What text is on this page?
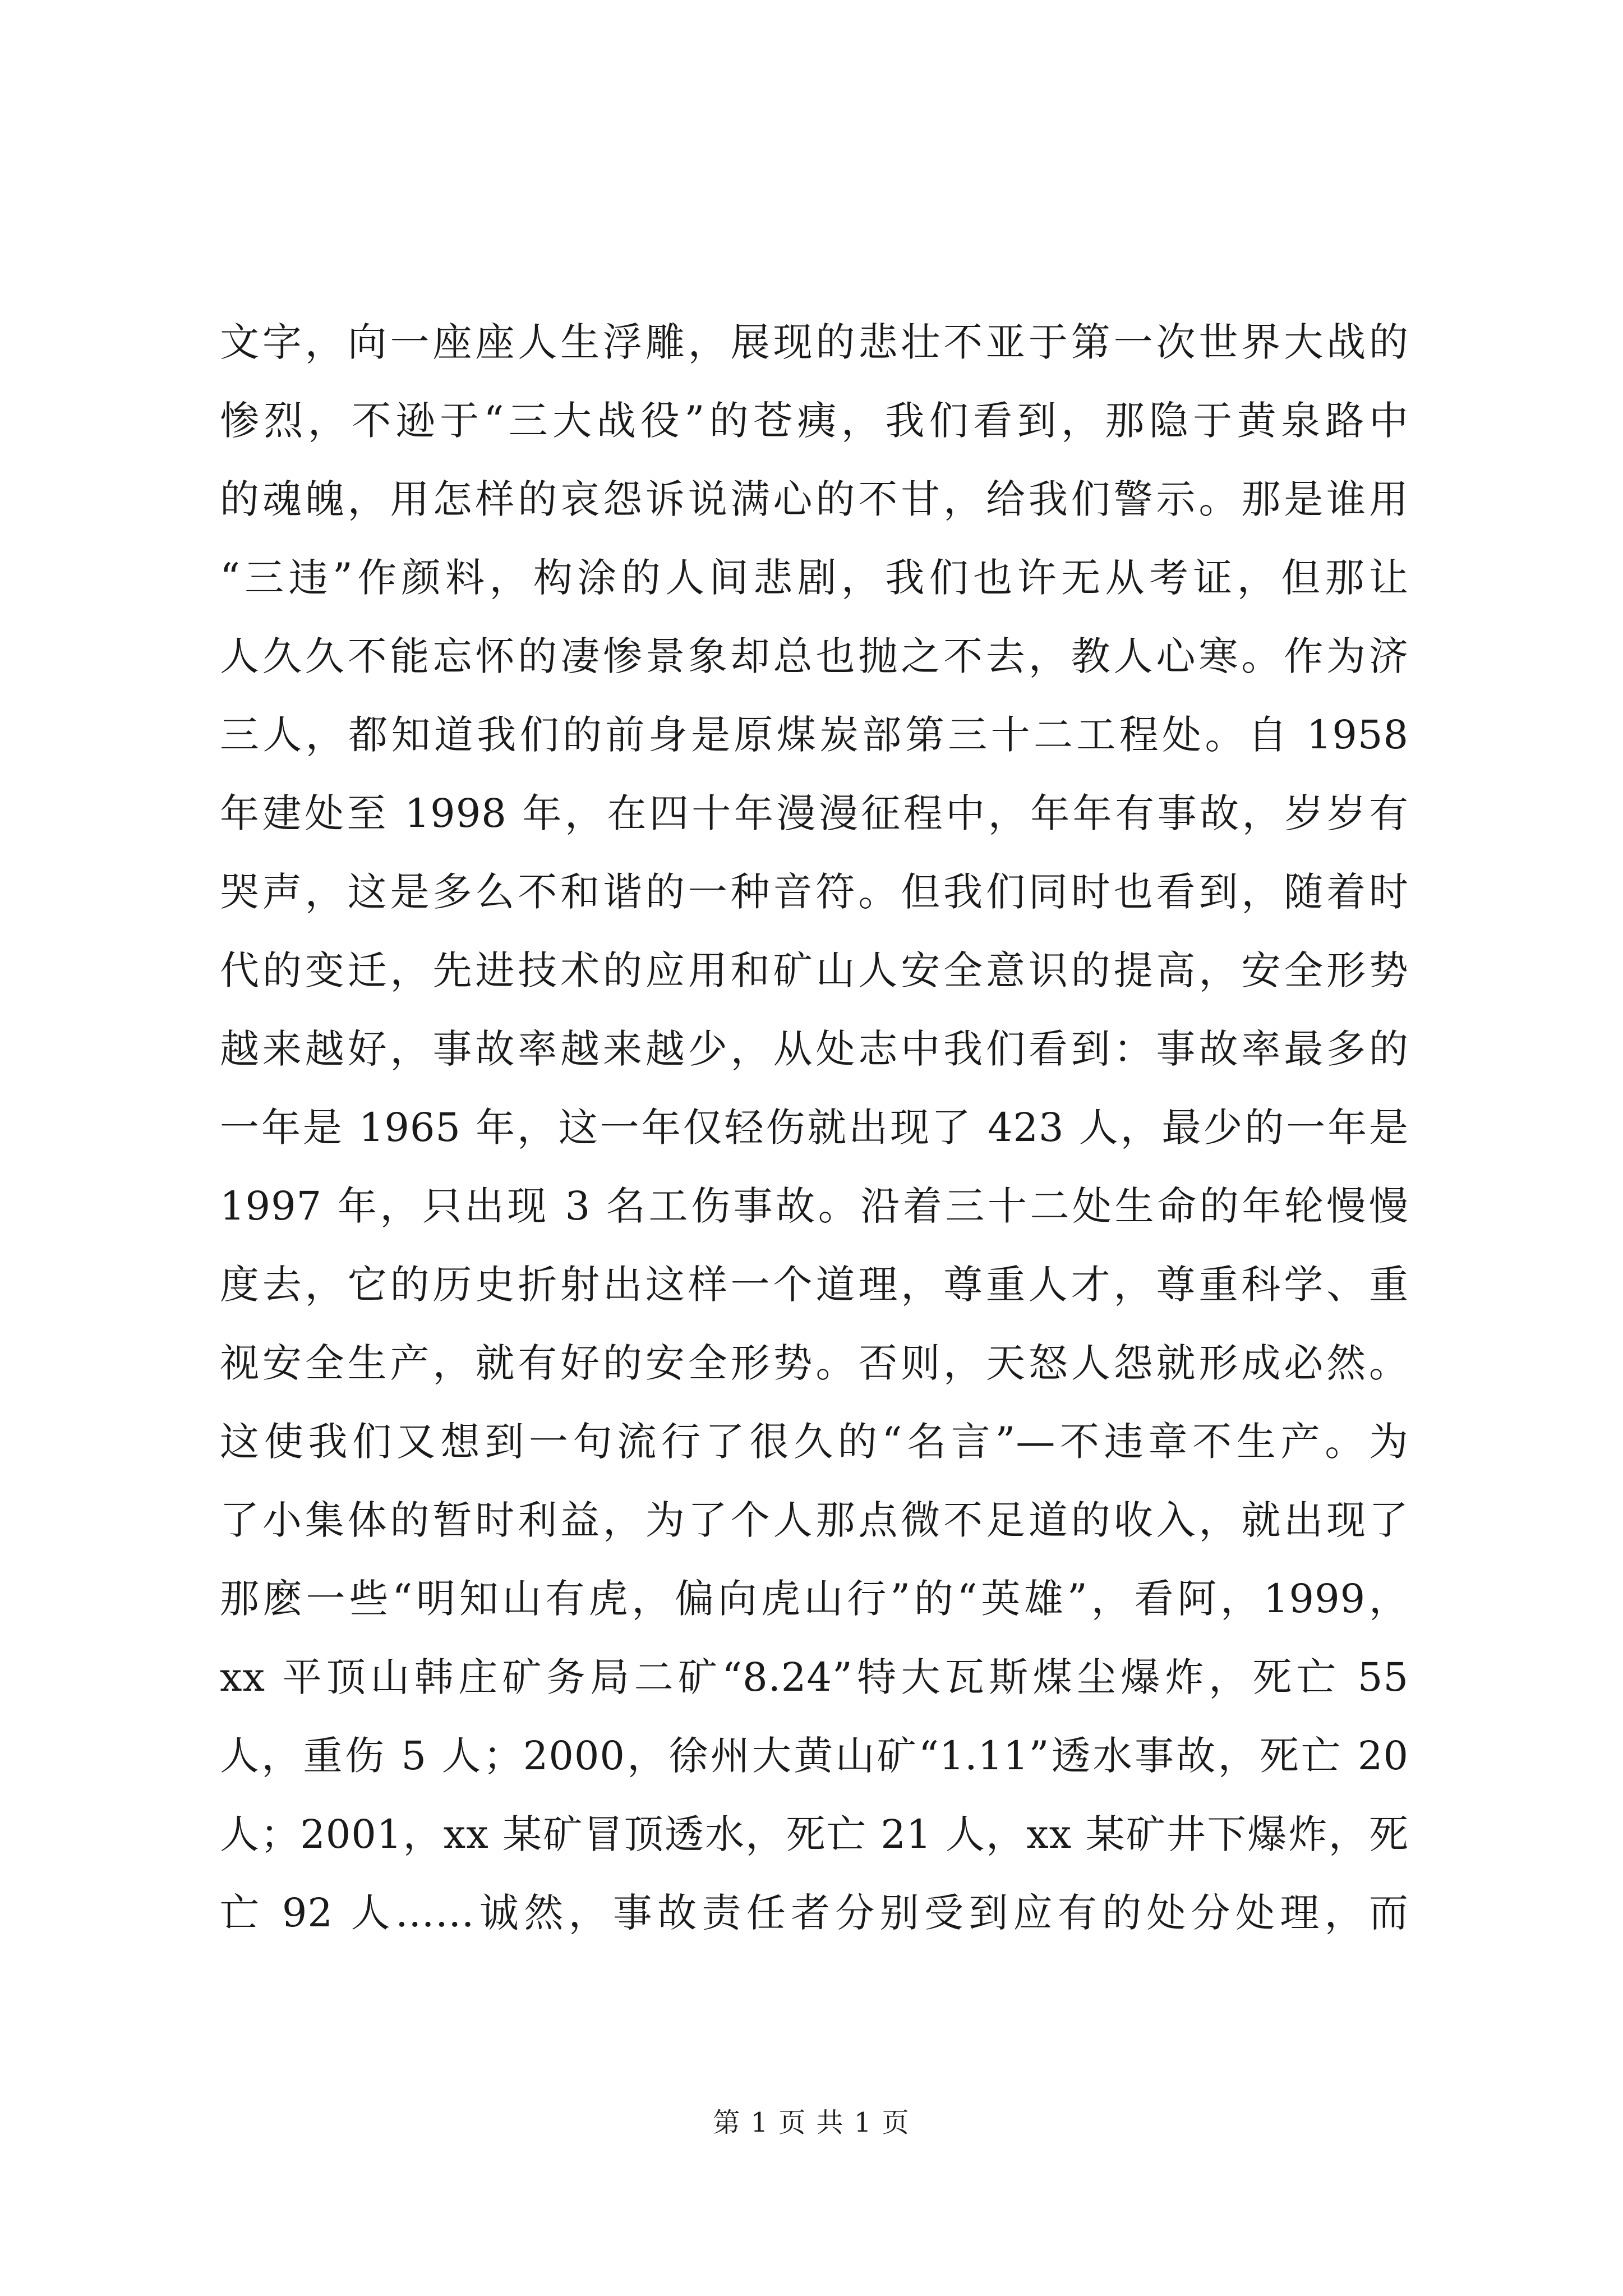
文字，向一座座人生浮雕，展现的悲壮不亚于第一次世界大战的
惨烈，不逊于“三大战役”的苍痍，我们看到，那隐于黄泉路中
的魂魄，用怎样的哀怨诉说满心的不甘，给我们警示。那是谁用
“三违”作颜料，构涂的人间悲剧，我们也许无从考证，但那让
人久久不能忘怀的凄惨景象却总也抛之不去，教人心寒。作为济
三人，都知道我们的前身是原煤炭部第三十二工程处。自 1958
年建处至 1998 年，在四十年漫漫征程中，年年有事故，岁岁有
哭声，这是多么不和谐的一种音符。但我们同时也看到，随着时
代的变迁，先进技术的应用和矿山人安全意识的提高，安全形势
越来越好，事故率越来越少，从处志中我们看到：事故率最多的
一年是 1965 年，这一年仅轻伤就出现了 423 人，最少的一年是
1997 年，只出现 3 名工伤事故。沿着三十二处生命的年轮慢慢
度去，它的历史折射出这样一个道理，尊重人才，尊重科学、重
视安全生产，就有好的安全形势。否则，天怒人怨就形成必然。
这使我们又想到一句流行了很久的“名言”—不违章不生产。为
了小集体的暂时利益，为了个人那点微不足道的收入，就出现了
那麽一些“明知山有虎，偏向虎山行”的“英雄”，看阿，1999，
xx 平顶山韩庄矿务局二矿“8.24”特大瓦斯煤尘爆炸，死亡 55
人，重伤 5 人；2000，徐州大黄山矿“1.11”透水事故，死亡 20
人；2001，xx 某矿冒顶透水，死亡 21 人，xx 某矿井下爆炸，死
亡 92 人……诚然，事故责任者分别受到应有的处分处理，而
第 1 页 共 1 页
